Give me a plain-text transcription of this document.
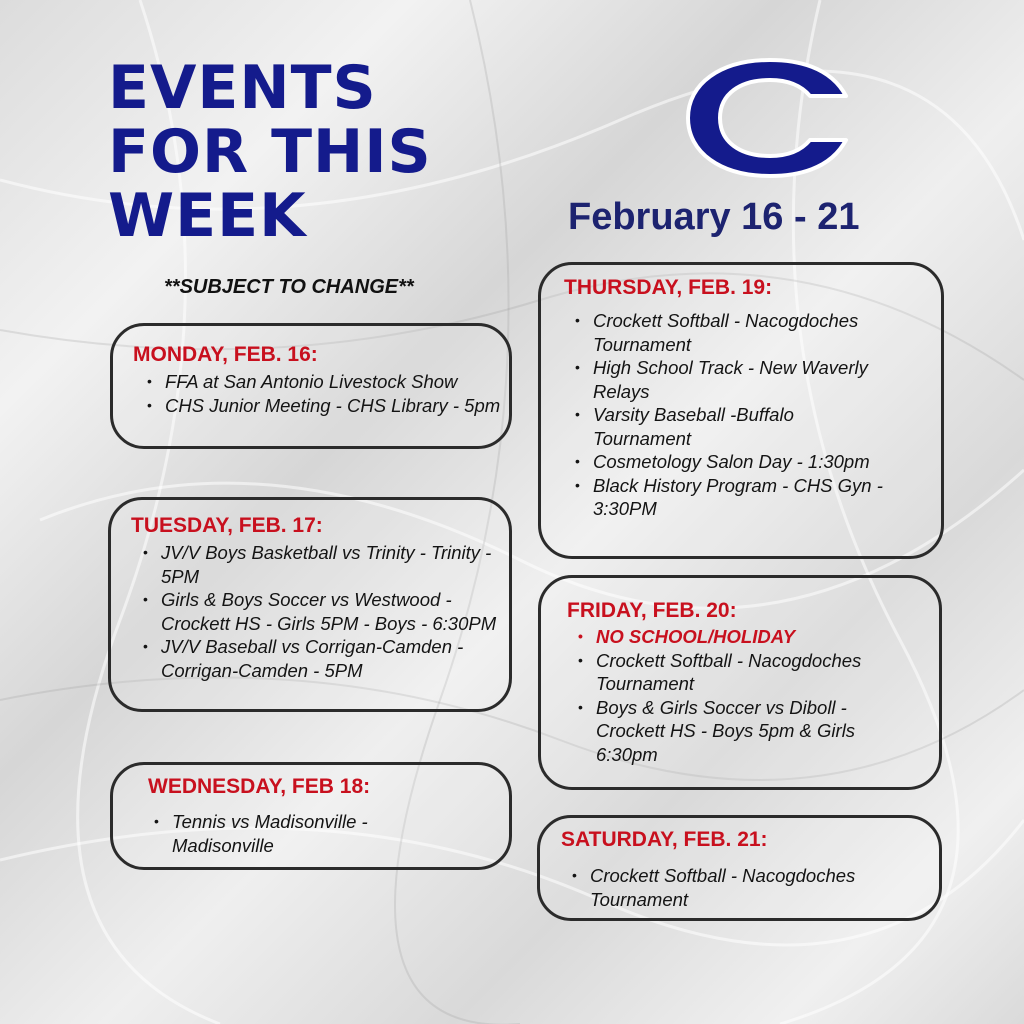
EVENTS
FOR THIS
WEEK	February 16 - 21
**SUBJECT TO CHANGE**
MONDAY, FEB. 16:
• FFA at San Antonio Livestock Show
• CHS Junior Meeting - CHS Library - 5pm
TUESDAY, FEB. 17:
• JV/V Boys Basketball vs Trinity - Trinity - 5PM
• Girls & Boys Soccer vs Westwood - Crockett HS - Girls 5PM - Boys - 6:30PM
• JV/V Baseball vs Corrigan-Camden - Corrigan-Camden - 5PM
WEDNESDAY, FEB 18:
• Tennis vs Madisonville - Madisonville
THURSDAY, FEB. 19:
• Crockett Softball - Nacogdoches Tournament
• High School Track - New Waverly Relays
• Varsity Baseball -Buffalo Tournament
• Cosmetology Salon Day - 1:30pm
• Black History Program - CHS Gyn - 3:30PM
FRIDAY, FEB. 20:
• NO SCHOOL/HOLIDAY
• Crockett Softball - Nacogdoches Tournament
• Boys & Girls Soccer vs Diboll - Crockett HS - Boys 5pm & Girls 6:30pm
SATURDAY, FEB. 21:
• Crockett Softball - Nacogdoches Tournament
